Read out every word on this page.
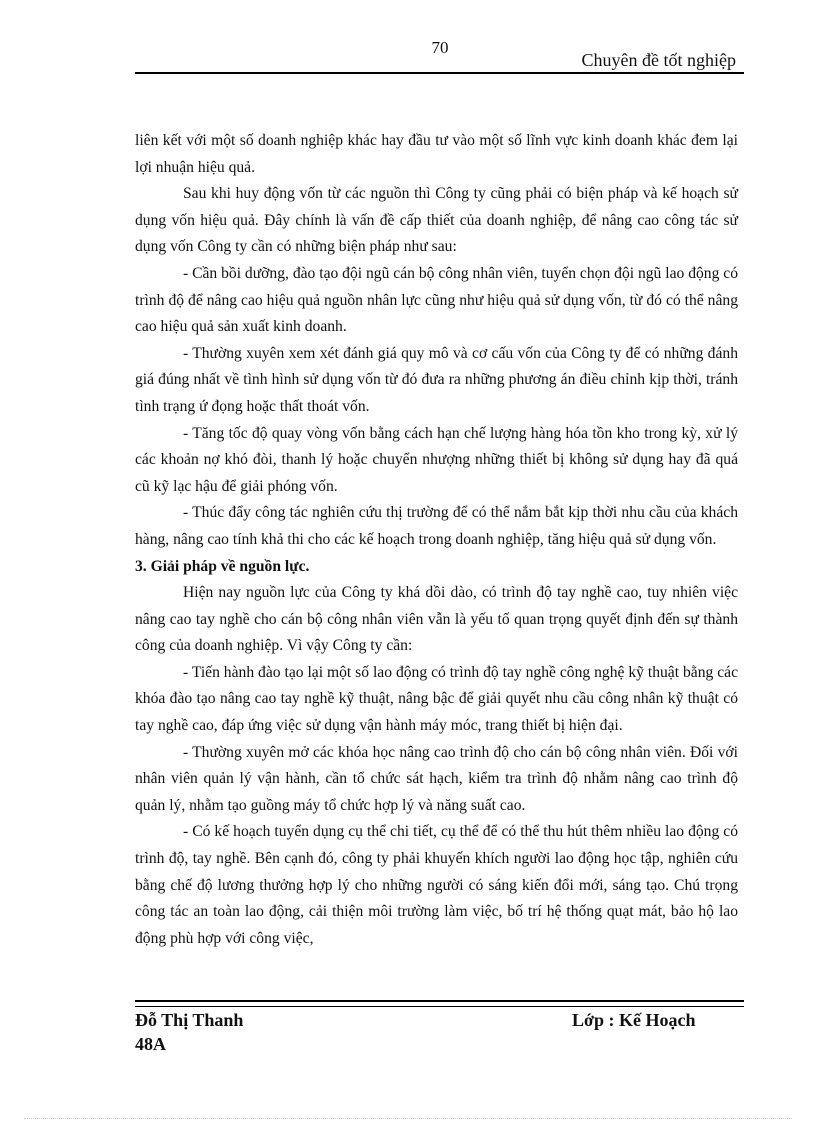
70
Chuyên đề tốt nghiệp

liên kết với một số doanh nghiệp khác hay đầu tư vào một số lĩnh vực kinh doanh khác đem lại lợi nhuận hiệu quả.

Sau khi huy động vốn từ các nguồn thì Công ty cũng phải có biện pháp và kế hoạch sử dụng vốn hiệu quả. Đây chính là vấn đề cấp thiết của doanh nghiệp, để nâng cao công tác sử dụng vốn Công ty cần có những biện pháp như sau:

- Cần bồi dưỡng, đào tạo đội ngũ cán bộ công nhân viên, tuyển chọn đội ngũ lao động có trình độ để nâng cao hiệu quả nguồn nhân lực cũng như hiệu quả sử dụng vốn, từ đó có thể nâng cao hiệu quả sản xuất kinh doanh.

- Thường xuyên xem xét đánh giá quy mô và cơ cấu vốn của Công ty để có những đánh giá đúng nhất về tình hình sử dụng vốn từ đó đưa ra những phương án điều chỉnh kịp thời, tránh tình trạng ứ đọng hoặc thất thoát vốn.

- Tăng tốc độ quay vòng vốn bằng cách hạn chế lượng hàng hóa tồn kho trong kỳ, xử lý các khoản nợ khó đòi, thanh lý hoặc chuyển nhượng những thiết bị không sử dụng hay đã quá cũ kỹ lạc hậu để giải phóng vốn.

- Thúc đẩy công tác nghiên cứu thị trường để có thể nắm bắt kịp thời nhu cầu của khách hàng, nâng cao tính khả thi cho các kế hoạch trong doanh nghiệp, tăng hiệu quả sử dụng vốn.

3. Giải pháp về nguồn lực.

Hiện nay nguồn lực của Công ty khá dồi dào, có trình độ tay nghề cao, tuy nhiên việc nâng cao tay nghề cho cán bộ công nhân viên vẫn là yếu tố quan trọng quyết định đến sự thành công của doanh nghiệp. Vì vậy Công ty cần:

- Tiến hành đào tạo lại một số lao động có trình độ tay nghề công nghệ kỹ thuật bằng các khóa đào tạo nâng cao tay nghề kỹ thuật, nâng bậc để giải quyết nhu cầu công nhân kỹ thuật có tay nghề cao, đáp ứng việc sử dụng vận hành máy móc, trang thiết bị hiện đại.

- Thường xuyên mở các khóa học nâng cao trình độ cho cán bộ công nhân viên. Đối với nhân viên quản lý vận hành, cần tổ chức sát hạch, kiểm tra trình độ nhằm nâng cao trình độ quản lý, nhằm tạo guồng máy tổ chức hợp lý và năng suất cao.

- Có kế hoạch tuyển dụng cụ thể chi tiết, cụ thể để có thể thu hút thêm nhiều lao động có trình độ, tay nghề. Bên cạnh đó, công ty phải khuyến khích người lao động học tập, nghiên cứu bằng chế độ lương thưởng hợp lý cho những người có sáng kiến đổi mới, sáng tạo. Chú trọng công tác an toàn lao động, cải thiện môi trường làm việc, bố trí hệ thống quạt mát, bảo hộ lao động phù hợp với công việc,

Đỗ Thị Thanh
48A
Lớp : Kế Hoạch
